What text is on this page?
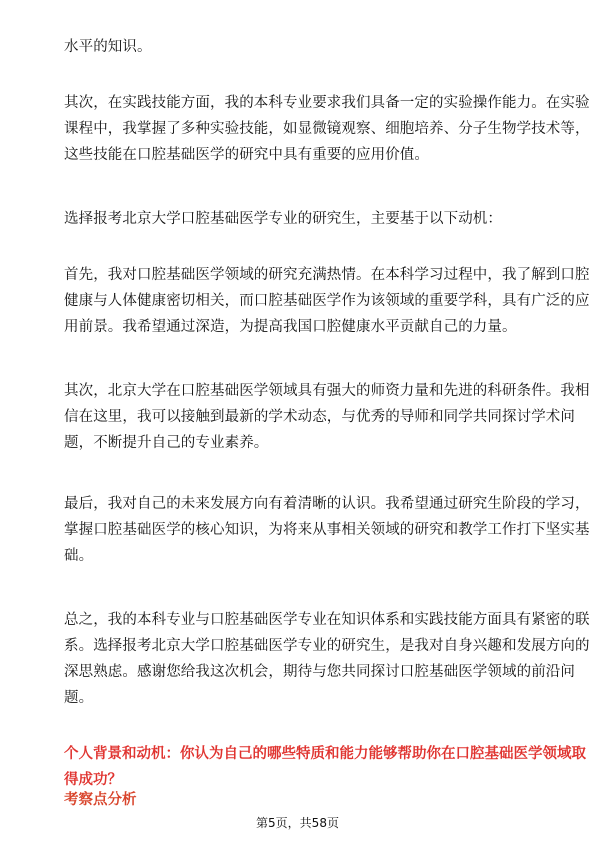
水平的知识。

其次，在实践技能方面，我的本科专业要求我们具备一定的实验操作能力。在实验
课程中，我掌握了多种实验技能，如显微镜观察、细胞培养、分子生物学技术等，
这些技能在口腔基础医学的研究中具有重要的应用价值。

选择报考北京大学口腔基础医学专业的研究生，主要基于以下动机：

首先，我对口腔基础医学领域的研究充满热情。在本科学习过程中，我了解到口腔
健康与人体健康密切相关，而口腔基础医学作为该领域的重要学科，具有广泛的应
用前景。我希望通过深造，为提高我国口腔健康水平贡献自己的力量。

其次，北京大学在口腔基础医学领域具有强大的师资力量和先进的科研条件。我相
信在这里，我可以接触到最新的学术动态，与优秀的导师和同学共同探讨学术问
题，不断提升自己的专业素养。

最后，我对自己的未来发展方向有着清晰的认识。我希望通过研究生阶段的学习，
掌握口腔基础医学的核心知识，为将来从事相关领域的研究和教学工作打下坚实基
础。

总之，我的本科专业与口腔基础医学专业在知识体系和实践技能方面具有紧密的联
系。选择报考北京大学口腔基础医学专业的研究生，是我对自身兴趣和发展方向的
深思熟虑。感谢您给我这次机会，期待与您共同探讨口腔基础医学领域的前沿问
题。

个人背景和动机：你认为自己的哪些特质和能力能够帮助你在口腔基础医学领域取
得成功？

考察点分析

第5页，共58页
